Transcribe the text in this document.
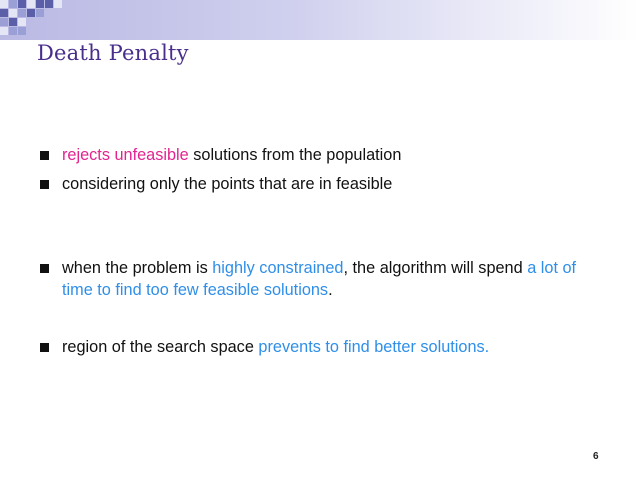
Death Penalty
rejects unfeasible solutions from the population
considering only the points that are in feasible
when the problem is highly constrained, the algorithm will spend a lot of time to find too few feasible solutions.
region of the search space prevents to find better solutions.
6
